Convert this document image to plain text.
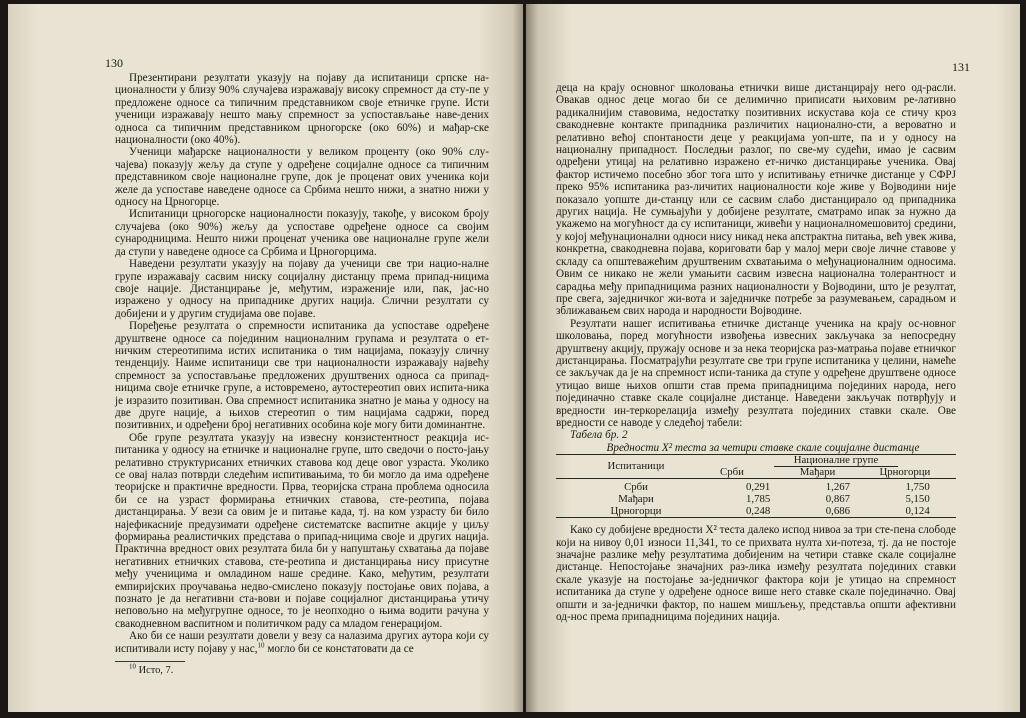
130

Презентирани резултати указују на појаву да испитаници српске на-ционалности у близу 90% случајева изражавају високу спремност да сту-пе у предложене односе са типичним представником своје етничке групе. Исти ученици изражавају нешто мању спремност за успостављање наве-дених односа са типичним представником црногорске (око 60%) и мађар-ске националности (око 40%).

Ученици мађарске националности у великом проценту (око 90% слу-чајева) показују жељу да ступе у одређене социјалне односе са типичним представником своје националне групе, док је проценат ових ученика који желе да успоставе наведене односе са Србима нешто нижи, а знатно нижи у односу на Црногорце.

Испитаници црногорске националности показују, такође, у високом броју случајева (око 90%) жељу да успоставе одређене односе са својим сународницима. Нешто нижи проценат ученика ове националне групе жели да ступи у наведене односе са Србима и Црногорцима.

Наведени резултати указују на појаву да ученици све три нацио-налне групе изражавају сасвим ниску социјалну дистанцу према припад-ницима своје нације. Дистанцирање је, међутим, израженије или, пак, јас-но изражено у односу на припаднике других нација. Слични резултати су добијени и у другим студијама ове појаве.

Поређење резултата о спремности испитаника да успоставе одређене друштвене односе са појединим националним групама и резултата о ет-ничким стереотипима истих испитаника о тим нацијама, показују сличну тенденцију. Наиме испитаници све три националности изражавају највећу спремност за успостављање предложених друштвених односа са припад-ницима своје етничке групе, а истовремено, аутостереотип ових испита-ника је изразито позитиван. Ова спремност испитаника знатно је мања у односу на две друге нације, а њихов стереотип о тим нацијама садржи, поред позитивних, и одређени број негативних особина које могу бити доминантне.

Обе групе резултата указују на извесну конзистентност реакција ис-питаника у односу на етничке и националне групе, што сведочи о посто-јању релативно структурисаних етничких ставова код деце овог узраста. Уколико се овај налаз потврди следећим испитивањима, то би могло да има одређене теоријске и практичне вредности. Прва, теоријска страна проблема односила би се на узраст формирања етничких ставова, сте-реотипа, појава дистанцирања. У вези са овим је и питање када, тј. на ком узрасту би било најефикасније предузимати одређене систематске васпитне акције у циљу формирања реалистичких представа о припад-ницима своје и других нација. Практична вредност ових резултата била би у напуштању схватања да појаве негативних етничких ставова, сте-реотипа и дистанцирања нису присутне међу ученицима и омладином наше средине. Како, међутим, резултати емпиријских проучавања недво-смислено показују постојање ових појава, а познато је да негативни ста-вови и појаве социјалног дистанцирања утичу неповољно на међугрупне односе, то је неопходно о њима водити рачуна у свакодневном васпитном и политичком раду са младом генерацијом.

Ако би се наши резултати довели у везу са налазима других аутора који су испитивали исту појаву у нас,$^{10}$ могло би се констатовати да се

$^{10}$ Исто, 7.

131

деца на крају основног школовања етнички више дистанцирају него од-расли. Овакав однос деце могао би се делимично приписати њиховим ре-лативно радикалнијим ставовима, недостатку позитивних искустава која се стичу кроз свакодневне контакте припадника различитих национално-сти, а вероватно и релативно већој спонтаности деце у реакцијама уоп-ште, па и у односу на националну припадност. Последњи разлог, по све-му судећи, имао је сасвим одређени утицај на релативно изражено ет-ничко дистанцирање ученика. Овај фактор истичемо посебно због тога што у испитивању етничке дистанце у СФРЈ преко 95% испитаника раз-личитих националности које живе у Војводини није показало уопште ди-станцу или се сасвим слабо дистанцирало од припадника других нација. Не сумњајући у добијене резултате, сматрамо ипак за нужно да укажемо на могућност да су испитаници, живећи у националномешовитој средини, у којој међунационални односи нису никад нека апстрактна питања, већ увек жива, конкретна, свакодневна појава, кориговати бар у малој мери своје личне ставове у складу са општеважећим друштвеним схватањима о међунационалним односима. Овим се никако не жели умањити сасвим извесна национална толерантност и сарадња међу припадницима разних националности у Војводини, што је резултат, пре свега, заједничког жи-вота и заједничке потребе за разумевањем, сарадњом и зближавањем свих народа и народности Војводине.

Резултати нашег испитивања етничке дистанце ученика на крају ос-новног школовања, поред могућности извођења извесних закључака за непосредну друштвену акцију, пружају основе и за нека теоријска раз-матрања појаве етничког дистанцирања. Посматрајући резултате све три групе испитаника у целини, намеће се закључак да је на спремност испи-таника да ступе у одређене друштвене односе утицао више њихов општи став према припадницима појединих народа, него појединачно ставке скале социјалне дистанце. Наведени закључак потврђују и вредности ин-теркорелација између резултата појединих ставки скале. Ове вредности се наводе у следећој табели:

Табела бр. 2

Вредности X² теста за четири ставке скале социјалне дистанце

Испитаници	Националне групе		
	Срби	Мађари	Црногорци
Срби	0,291	1,267	1,750
Мађари	1,785	0,867	5,150
Црногорци	0,248	0,686	0,124

Како су добијене вредности X² теста далеко испод нивоа за три сте-пена слободе који на нивоу 0,01 износи 11,341, то се прихвата нулта хи-потеза, тј. да не постоје значајне разлике међу резултатима добијеним на четири ставке скале социјалне дистанце. Непостојање значајних раз-лика између резултата појединих ставки скале указује на постојање за-једничког фактора који је утицао на спремност испитаника да ступе у одређене односе више него ставке скале појединачно. Овај општи и за-једнички фактор, по нашем мишљењу, представља општи афективни од-нос према припадницима појединих нација.
